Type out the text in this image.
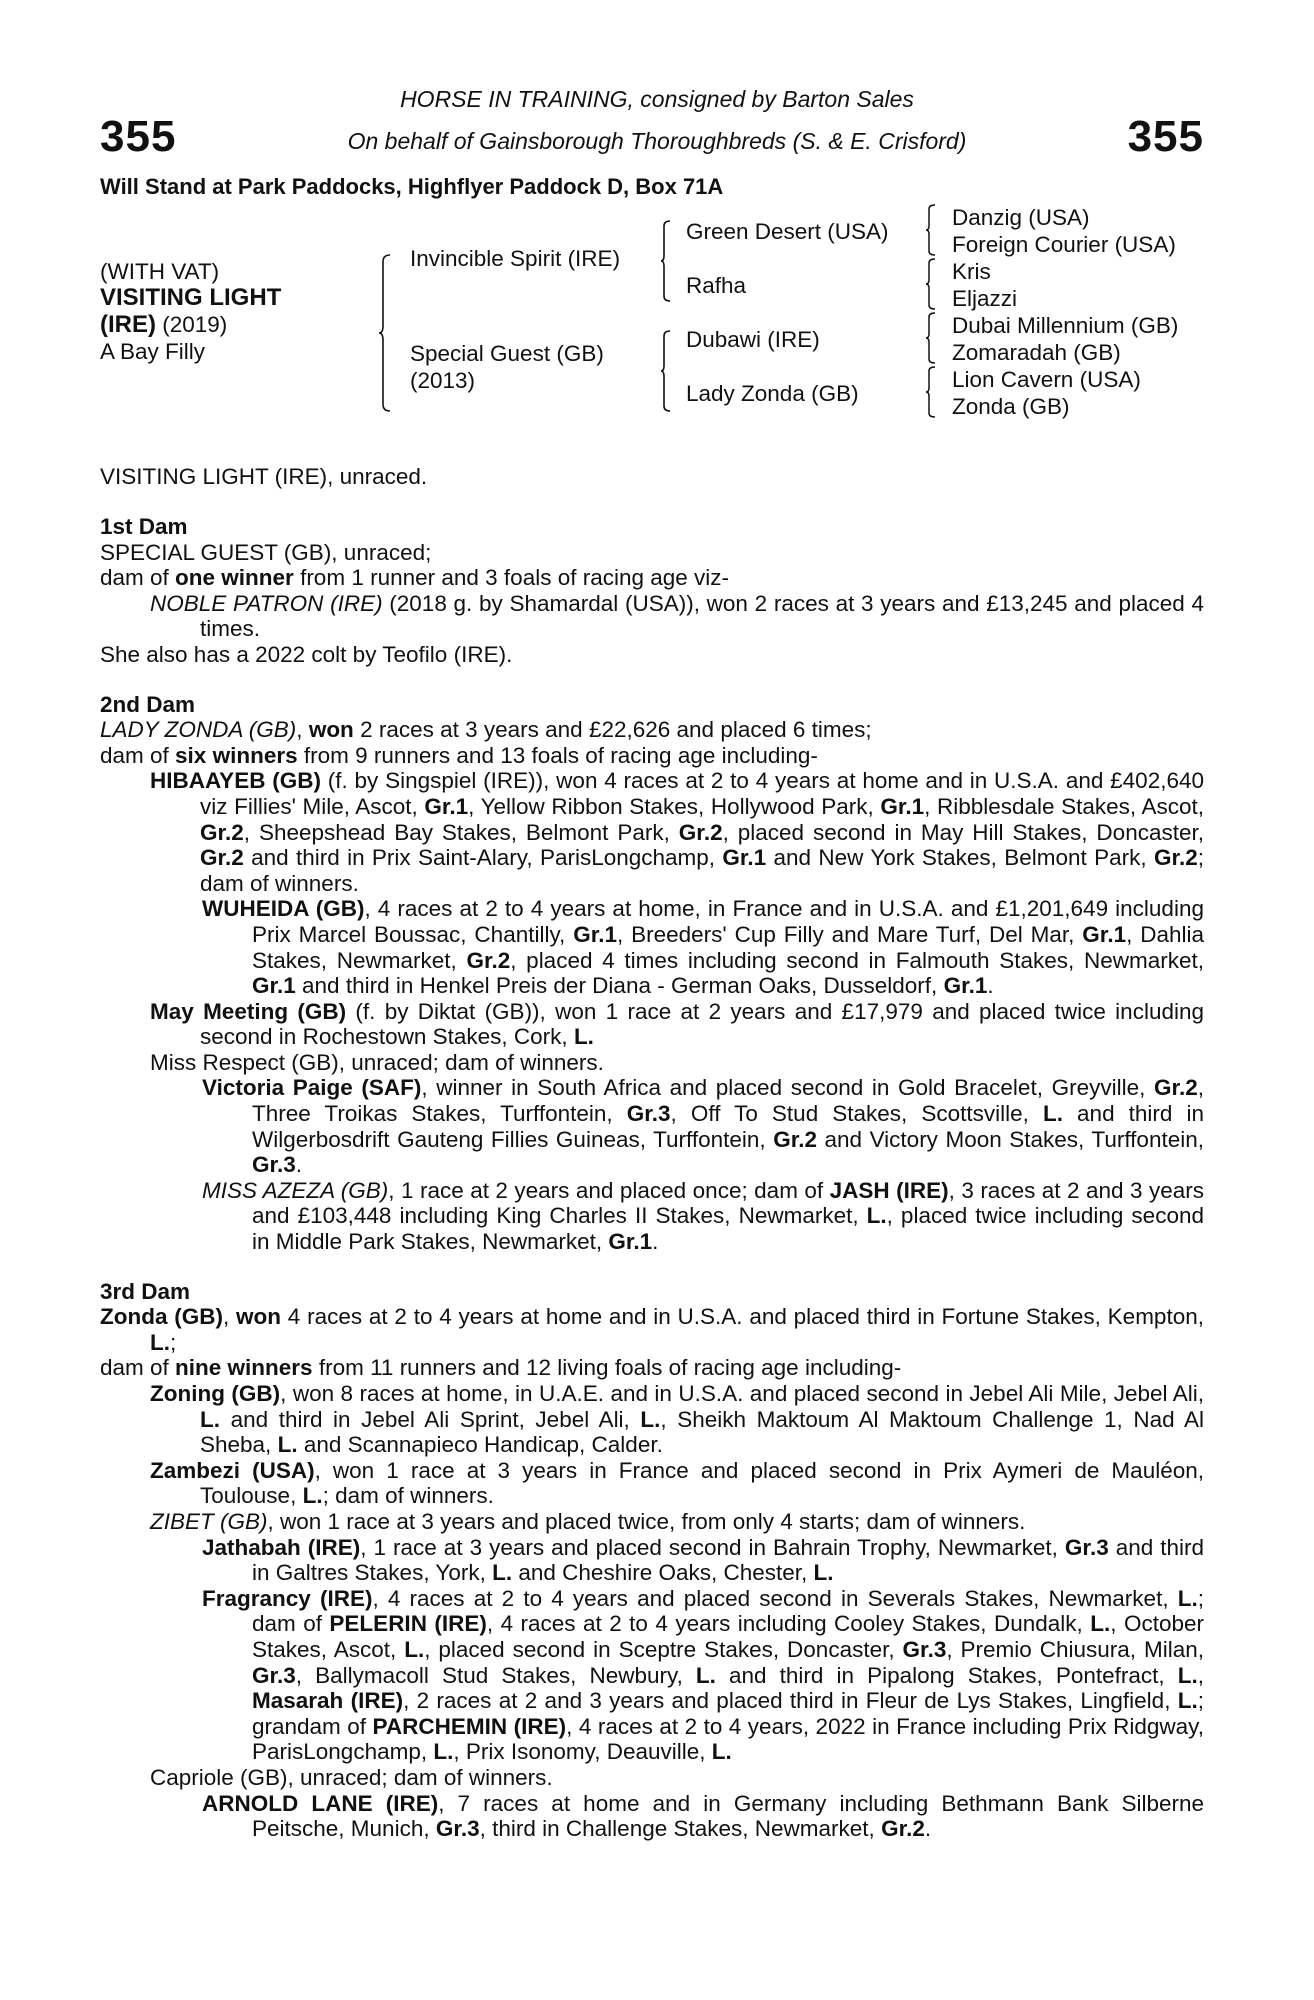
355	355
HORSE IN TRAINING, consigned by Barton Sales
On behalf of Gainsborough Thoroughbreds (S. & E. Crisford)
Will Stand at Park Paddocks, Highflyer Paddock D, Box 71A
(WITH VAT)
VISITING LIGHT
(IRE) (2019)
A Bay Filly
Invincible Spirit (IRE)
Special Guest (GB)
(2013)
Green Desert (USA)
Rafha
Dubawi (IRE)
Lady Zonda (GB)
Danzig (USA)
Foreign Courier (USA)
Kris
Eljazzi
Dubai Millennium (GB)
Zomaradah (GB)
Lion Cavern (USA)
Zonda (GB)
VISITING LIGHT (IRE), unraced.
1st Dam

SPECIAL GUEST (GB), unraced;

dam of one winner from 1 runner and 3 foals of racing age viz-

NOBLE PATRON (IRE) (2018 g. by Shamardal (USA)), won 2 races at 3 years and £13,245 and placed 4 times.

She also has a 2022 colt by Teofilo (IRE).

2nd Dam

LADY ZONDA (GB), won 2 races at 3 years and £22,626 and placed 6 times;

dam of six winners from 9 runners and 13 foals of racing age including-

HIBAAYEB (GB) (f. by Singspiel (IRE)), won 4 races at 2 to 4 years at home and in U.S.A. and £402,640 viz Fillies' Mile, Ascot, Gr.1, Yellow Ribbon Stakes, Hollywood Park, Gr.1, Ribblesdale Stakes, Ascot, Gr.2, Sheepshead Bay Stakes, Belmont Park, Gr.2, placed second in May Hill Stakes, Doncaster, Gr.2 and third in Prix Saint-Alary, ParisLongchamp, Gr.1 and New York Stakes, Belmont Park, Gr.2; dam of winners.

WUHEIDA (GB), 4 races at 2 to 4 years at home, in France and in U.S.A. and £1,201,649 including Prix Marcel Boussac, Chantilly, Gr.1, Breeders' Cup Filly and Mare Turf, Del Mar, Gr.1, Dahlia Stakes, Newmarket, Gr.2, placed 4 times including second in Falmouth Stakes, Newmarket, Gr.1 and third in Henkel Preis der Diana - German Oaks, Dusseldorf, Gr.1.

May Meeting (GB) (f. by Diktat (GB)), won 1 race at 2 years and £17,979 and placed twice including second in Rochestown Stakes, Cork, L.

Miss Respect (GB), unraced; dam of winners.

Victoria Paige (SAF), winner in South Africa and placed second in Gold Bracelet, Greyville, Gr.2, Three Troikas Stakes, Turffontein, Gr.3, Off To Stud Stakes, Scottsville, L. and third in Wilgerbosdrift Gauteng Fillies Guineas, Turffontein, Gr.2 and Victory Moon Stakes, Turffontein, Gr.3.

MISS AZEZA (GB), 1 race at 2 years and placed once; dam of JASH (IRE), 3 races at 2 and 3 years and £103,448 including King Charles II Stakes, Newmarket, L., placed twice including second in Middle Park Stakes, Newmarket, Gr.1.

3rd Dam

Zonda (GB), won 4 races at 2 to 4 years at home and in U.S.A. and placed third in Fortune Stakes, Kempton, L.;

dam of nine winners from 11 runners and 12 living foals of racing age including-

Zoning (GB), won 8 races at home, in U.A.E. and in U.S.A. and placed second in Jebel Ali Mile, Jebel Ali, L. and third in Jebel Ali Sprint, Jebel Ali, L., Sheikh Maktoum Al Maktoum Challenge 1, Nad Al Sheba, L. and Scannapieco Handicap, Calder.

Zambezi (USA), won 1 race at 3 years in France and placed second in Prix Aymeri de Mauléon, Toulouse, L.; dam of winners.

ZIBET (GB), won 1 race at 3 years and placed twice, from only 4 starts; dam of winners.

Jathabah (IRE), 1 race at 3 years and placed second in Bahrain Trophy, Newmarket, Gr.3 and third in Galtres Stakes, York, L. and Cheshire Oaks, Chester, L.

Fragrancy (IRE), 4 races at 2 to 4 years and placed second in Severals Stakes, Newmarket, L.; dam of PELERIN (IRE), 4 races at 2 to 4 years including Cooley Stakes, Dundalk, L., October Stakes, Ascot, L., placed second in Sceptre Stakes, Doncaster, Gr.3, Premio Chiusura, Milan, Gr.3, Ballymacoll Stud Stakes, Newbury, L. and third in Pipalong Stakes, Pontefract, L., Masarah (IRE), 2 races at 2 and 3 years and placed third in Fleur de Lys Stakes, Lingfield, L.; grandam of PARCHEMIN (IRE), 4 races at 2 to 4 years, 2022 in France including Prix Ridgway, ParisLongchamp, L., Prix Isonomy, Deauville, L.

Capriole (GB), unraced; dam of winners.

ARNOLD LANE (IRE), 7 races at home and in Germany including Bethmann Bank Silberne Peitsche, Munich, Gr.3, third in Challenge Stakes, Newmarket, Gr.2.
